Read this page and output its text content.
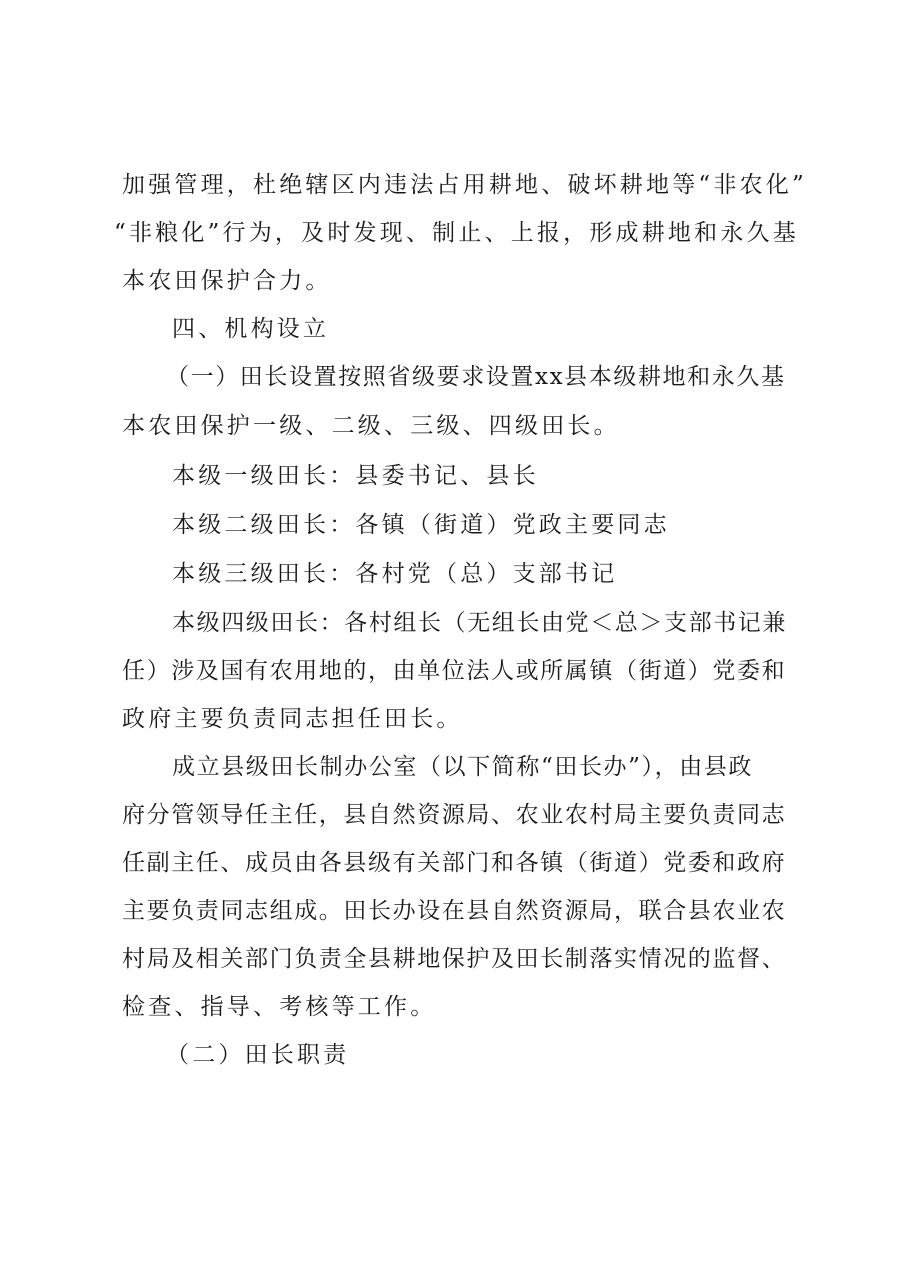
加强管理，杜绝辖区内违法占用耕地、破坏耕地等“非农化”
“非粮化”行为，及时发现、制止、上报，形成耕地和永久基
本农田保护合力。
四、机构设立
（一）田长设置按照省级要求设置xx县本级耕地和永久基
本农田保护一级、二级、三级、四级田长。
本级一级田长：县委书记、县长
本级二级田长：各镇（街道）党政主要同志
本级三级田长：各村党（总）支部书记
本级四级田长：各村组长（无组长由党＜总＞支部书记兼
任）涉及国有农用地的，由单位法人或所属镇（街道）党委和
政府主要负责同志担任田长。
成立县级田长制办公室（以下简称“田长办”），由县政
府分管领导任主任，县自然资源局、农业农村局主要负责同志
任副主任、成员由各县级有关部门和各镇（街道）党委和政府
主要负责同志组成。田长办设在县自然资源局，联合县农业农
村局及相关部门负责全县耕地保护及田长制落实情况的监督、
检查、指导、考核等工作。
（二）田长职责
